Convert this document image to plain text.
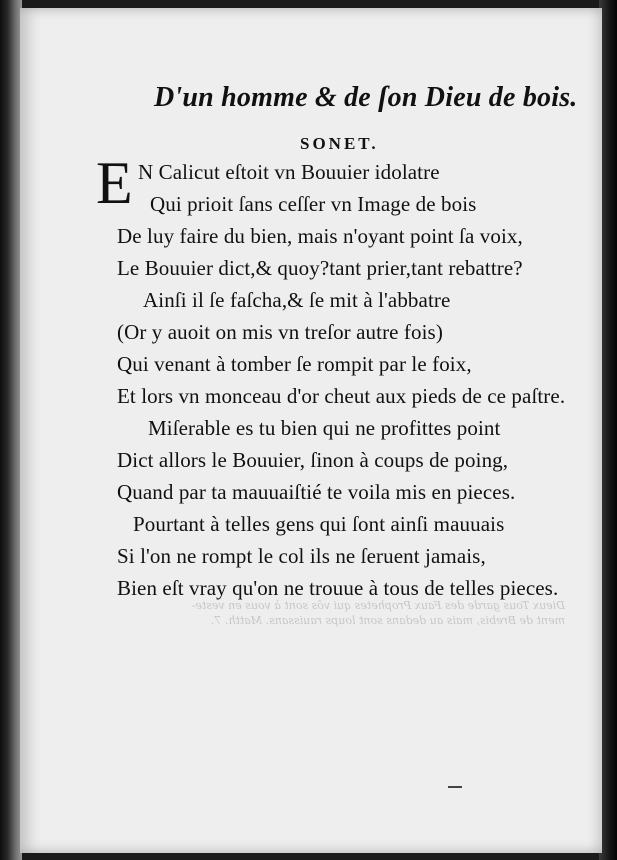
Dieux Tous garde des Faux Prophetes qui vōs sont à vous en veste-
ment de Brebis, mais au dedans sont loups rauissans. Matth. 7.
D'un homme & de ſon Dieu de bois.
SONET.
E N Calicut eſtoit vn Bouuier idolatre
Qui prioit ſans ceſſer vn Image de bois
De luy faire du bien, mais n'oyant point ſa voix,
Le Bouuier dict,& quoy?tant prier,tant rebattre?
Ainſi il ſe faſcha,& ſe mit à l'abbatre
(Or y auoit on mis vn treſor autre fois)
Qui venant à tomber ſe rompit par le foix,
Et lors vn monceau d'or cheut aux pieds de ce paſtre.
Miſerable es tu bien qui ne profittes point
Dict allors le Bouuier, ſinon à coups de poing,
Quand par ta mauuaiſtié te voila mis en pieces.
Pourtant à telles gens qui ſont ainſi mauuais
Si l'on ne rompt le col ils ne ſeruent jamais,
Bien eſt vray qu'on ne trouue à tous de telles pieces.
